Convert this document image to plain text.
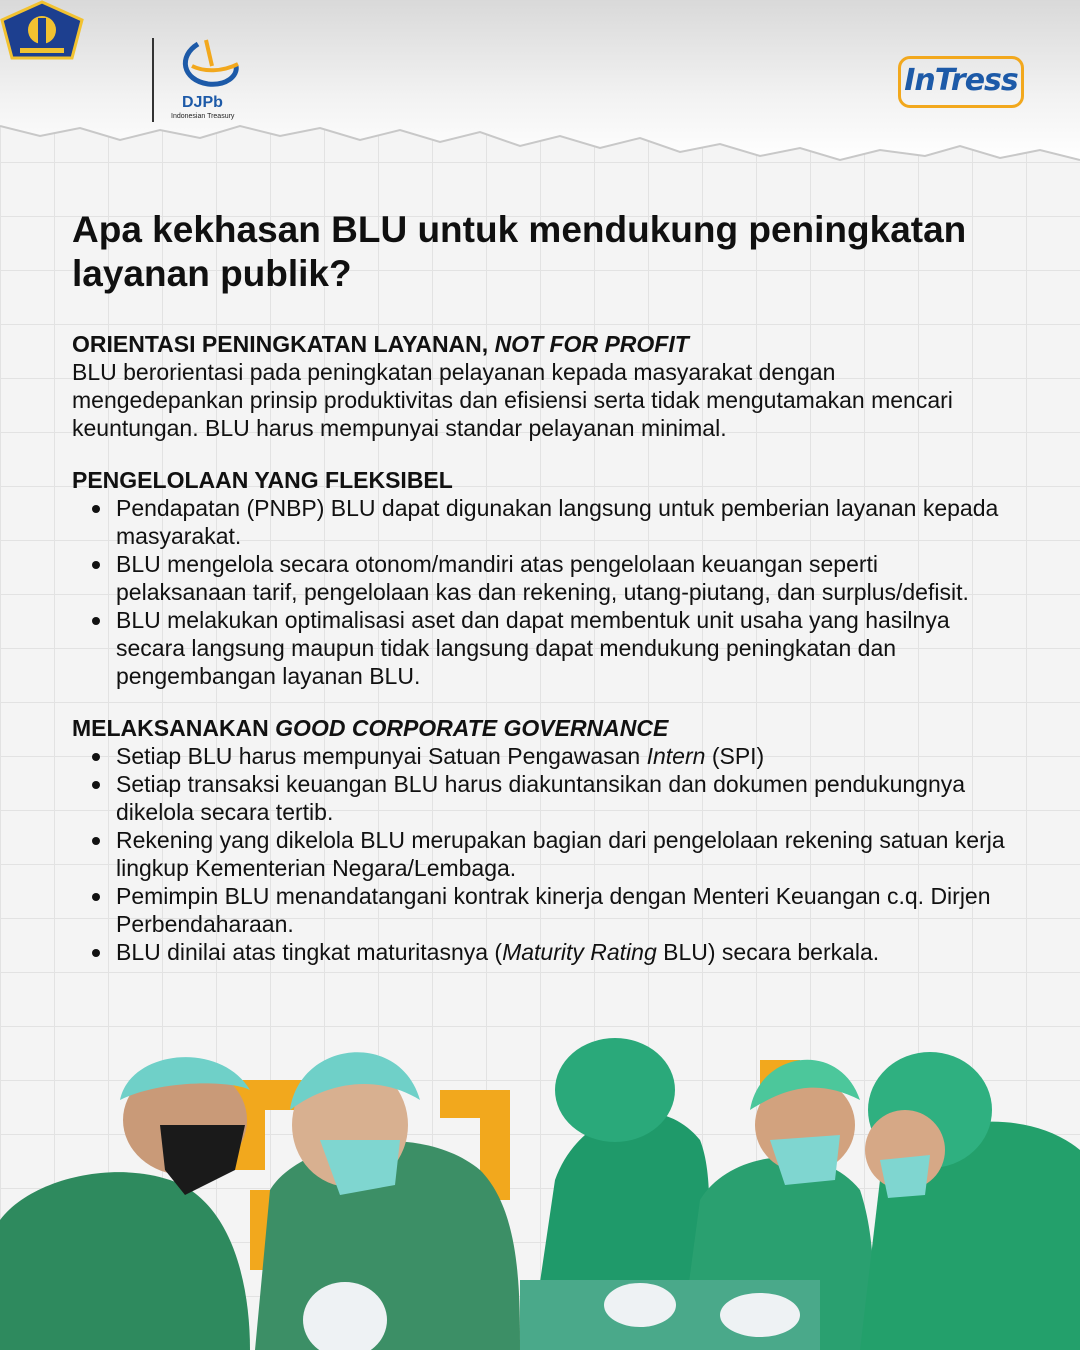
DJPb
Indonesian Treasury
InTress
Apa kekhasan BLU untuk mendukung peningkatan layanan publik?
ORIENTASI PENINGKATAN LAYANAN, NOT FOR PROFIT
BLU berorientasi pada peningkatan pelayanan kepada masyarakat dengan mengedepankan prinsip produktivitas dan efisiensi serta tidak mengutamakan mencari keuntungan. BLU harus mempunyai standar pelayanan minimal.
PENGELOLAAN YANG FLEKSIBEL
Pendapatan (PNBP) BLU dapat digunakan langsung untuk pemberian layanan kepada masyarakat.
BLU mengelola secara otonom/mandiri atas pengelolaan keuangan seperti pelaksanaan tarif, pengelolaan kas dan rekening, utang-piutang, dan surplus/defisit.
BLU melakukan optimalisasi aset dan dapat membentuk unit usaha yang hasilnya secara langsung maupun tidak langsung dapat mendukung peningkatan dan pengembangan layanan BLU.
MELAKSANAKAN GOOD CORPORATE GOVERNANCE
Setiap BLU harus mempunyai Satuan Pengawasan Intern (SPI)
Setiap transaksi keuangan BLU harus diakuntansikan dan dokumen pendukungnya dikelola secara tertib.
Rekening yang dikelola BLU merupakan bagian dari pengelolaan rekening satuan kerja lingkup Kementerian Negara/Lembaga.
Pemimpin BLU menandatangani kontrak kinerja dengan Menteri Keuangan c.q. Dirjen Perbendaharaan.
BLU dinilai atas tingkat maturitasnya (Maturity Rating BLU) secara berkala.
